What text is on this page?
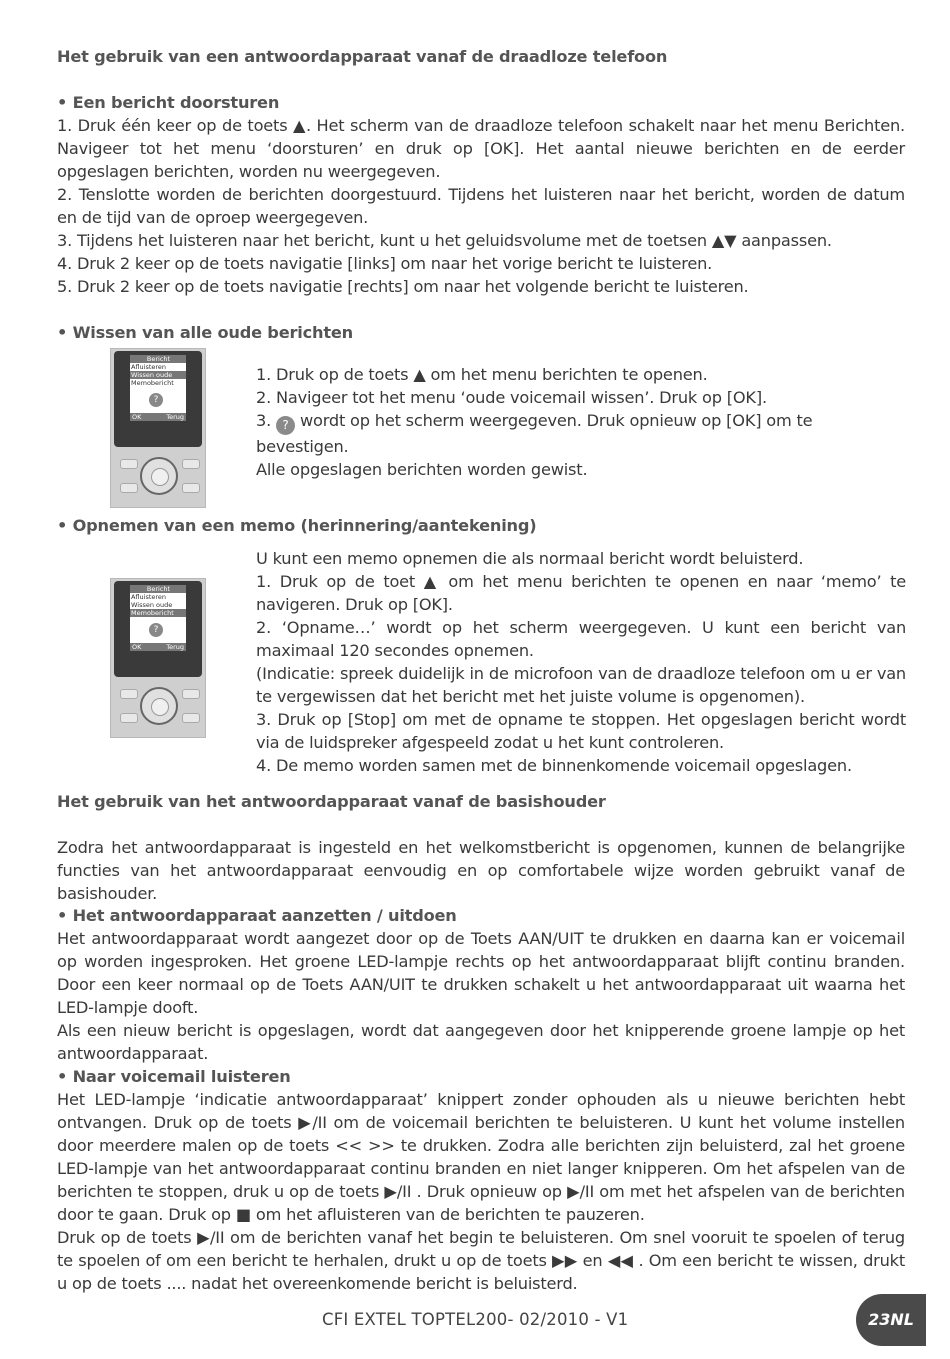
Het gebruik van een antwoordapparaat vanaf de draadloze telefoon

• Een bericht doorsturen

1. Druk één keer op de toets ▲. Het scherm van de draadloze telefoon schakelt naar het menu Berichten. Navigeer tot het menu ‘doorsturen’ en druk op [OK]. Het aantal nieuwe berichten en de eerder opgeslagen berichten, worden nu weergegeven.

2. Tenslotte worden de berichten doorgestuurd. Tijdens het luisteren naar het bericht, worden de datum en de tijd van de oproep weergegeven.

3. Tijdens het luisteren naar het bericht, kunt u het geluidsvolume met de toetsen ▲▼ aanpassen.

4. Druk 2 keer op de toets navigatie [links] om naar het vorige bericht te luisteren.

5. Druk 2 keer op de toets navigatie [rechts] om naar het volgende bericht te luisteren.

• Wissen van alle oude berichten
Bericht
Afluisteren
Wissen oude
Memobericht
?
OK	Terug

1. Druk op de toets ▲ om het menu berichten te openen.

2. Navigeer tot het menu ‘oude voicemail wissen’. Druk op [OK].

3. ? wordt op het scherm weergegeven. Druk opnieuw op [OK] om te bevestigen.

Alle opgeslagen berichten worden gewist.

• Opnemen van een memo (herinnering/aantekening)
Bericht
Afluisteren
Wissen oude
Memobericht
?
OK	Terug

U kunt een memo opnemen die als normaal bericht wordt beluisterd.

1. Druk op de toet ▲ om het menu berichten te openen en naar ‘memo’ te navigeren. Druk op [OK].

2. ‘Opname…’ wordt op het scherm weergegeven. U kunt een bericht van maximaal 120 secondes opnemen.

(Indicatie: spreek duidelijk in de microfoon van de draadloze telefoon om u er van te vergewissen dat het bericht met het juiste volume is opgenomen).

3. Druk op [Stop] om met de opname te stoppen. Het opgeslagen bericht wordt via de luidspreker afgespeeld zodat u het kunt controleren.

4. De memo worden samen met de binnenkomende voicemail opgeslagen.

Het gebruik van het antwoordapparaat vanaf de basishouder
Zodra het antwoordapparaat is ingesteld en het welkomstbericht is opgenomen, kunnen de belangrijke functies van het antwoordapparaat eenvoudig en op comfortabele wijze worden gebruikt vanaf de basishouder.

• Het antwoordapparaat aanzetten / uitdoen

Het antwoordapparaat wordt aangezet door op de Toets AAN/UIT te drukken en daarna kan er voicemail op worden ingesproken. Het groene LED-lampje rechts op het antwoordapparaat blijft continu branden. Door een keer normaal op de Toets AAN/UIT te drukken schakelt u het antwoordapparaat uit waarna het LED-lampje dooft.

Als een nieuw bericht is opgeslagen, wordt dat aangegeven door het knipperende groene lampje op het antwoordapparaat.

• Naar voicemail luisteren

Het LED-lampje ‘indicatie antwoordapparaat’ knippert zonder ophouden als u nieuwe berichten hebt ontvangen. Druk op de toets ▶/II om de voicemail berichten te beluisteren. U kunt het volume instellen door meerdere malen op de toets << >> te drukken. Zodra alle berichten zijn beluisterd, zal het groene LED-lampje van het antwoordapparaat continu branden en niet langer knipperen. Om het afspelen van de berichten te stoppen, druk u op de toets ▶/II . Druk opnieuw op ▶/II om met het afspelen van de berichten door te gaan. Druk op ■ om het afluisteren van de berichten te pauzeren.

Druk op de toets ▶/II om de berichten vanaf het begin te beluisteren. Om snel vooruit te spoelen of terug te spoelen of om een bericht te herhalen, drukt u op de toets ▶▶ en ◀◀ . Om een bericht te wissen, drukt u op de toets .... nadat het overeenkomende bericht is beluisterd.

CFI EXTEL TOPTEL200- 02/2010 - V1	23NL
